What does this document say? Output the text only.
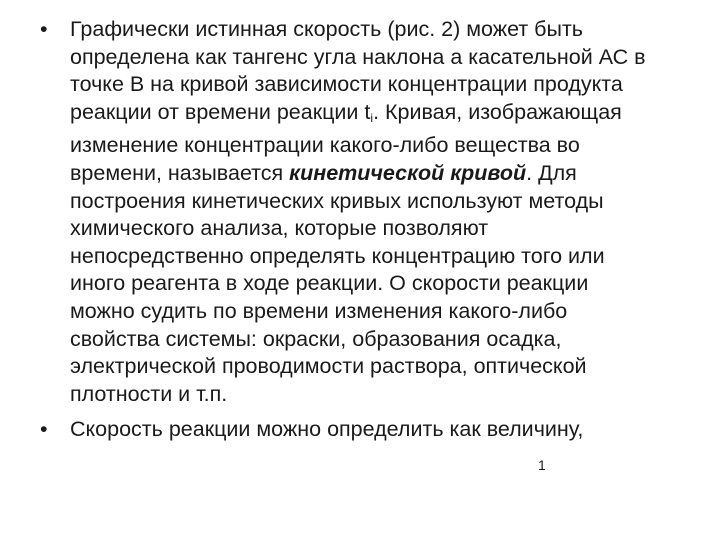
• Графически истинная скорость (рис. 2) может быть
определена как тангенс угла наклона а касательной АС в
точке В на кривой зависимости концентрации продукта
реакции от времени реакции $t_i$. Кривая, изображающая
изменение концентрации какого-либо вещества во
времени, называется кинетической кривой. Для
построения кинетических кривых используют методы
химического анализа, которые позволяют
непосредственно определять концентрацию того или
иного реагента в ходе реакции. О скорости реакции
можно судить по времени изменения какого-либо
свойства системы: окраски, образования осадка,
электрической проводимости раствора, оптической
плотности и т.п.
• Скорость реакции можно определить как величину,
1
